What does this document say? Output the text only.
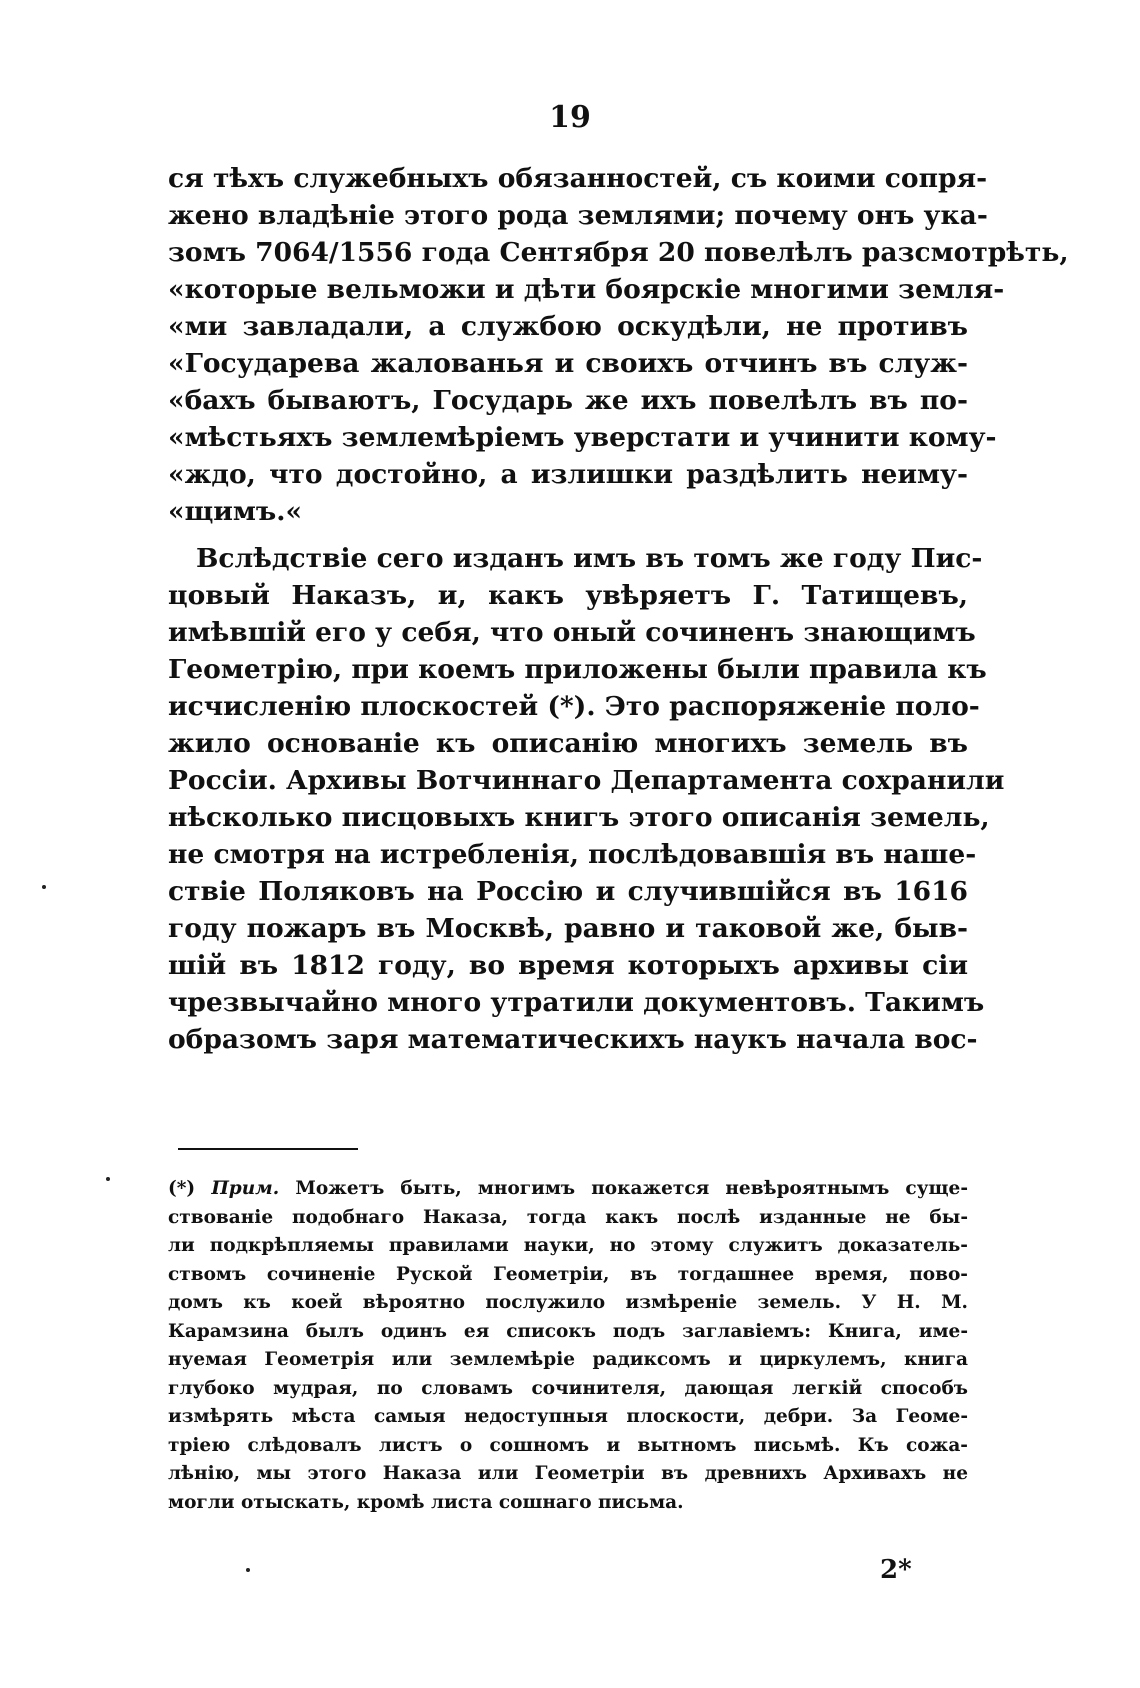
19
ся тѣхъ служебныхъ обязанностей, съ коими сопря-
жено владѣніе этого рода землями; почему онъ ука-
зомъ 7064/1556 года Сентября 20 повелѣлъ разсмотрѣть,
«которые вельможи и дѣти боярскіе многими земля-
«ми завладали, а службою оскудѣли, не противъ
«Государева жалованья и своихъ отчинъ въ служ-
«бахъ бываютъ, Государь же ихъ повелѣлъ въ по-
«мѣстьяхъ землемѣріемъ уверстати и учинити кому-
«ждо, что достойно, а излишки раздѣлить неиму-
«щимъ.«
Вслѣдствіе сего изданъ имъ въ томъ же году Пис-
цовый Наказъ, и, какъ увѣряетъ Г. Татищевъ,
имѣвшій его у себя, что оный сочиненъ знающимъ
Геометрію, при коемъ приложены были правила къ
исчисленію плоскостей (*). Это распоряженіе поло-
жило основаніе къ описанію многихъ земель въ
Россіи. Архивы Вотчиннаго Департамента сохранили
нѣсколько писцовыхъ книгъ этого описанія земель,
не смотря на истребленія, послѣдовавшія въ наше-
ствіе Поляковъ на Россію и случившійся въ 1616
году пожаръ въ Москвѣ, равно и таковой же, быв-
шій въ 1812 году, во время которыхъ архивы сіи
чрезвычайно много утратили документовъ. Такимъ
образомъ заря математическихъ наукъ начала вос-
(*) Прим. Можетъ быть, многимъ покажется невѣроятнымъ суще-
ствованіе подобнаго Наказа, тогда какъ послѣ изданные не бы-
ли подкрѣпляемы правилами науки, но этому служитъ доказатель-
ствомъ сочиненіе Руской Геометріи, въ тогдашнее время, пово-
домъ къ коей вѣроятно послужило измѣреніе земель. У Н. М.
Карамзина былъ одинъ ея списокъ подъ заглавіемъ: Книга, име-
нуемая Геометрія или землемѣріе радиксомъ и циркулемъ, книга
глубоко мудрая, по словамъ сочинителя, дающая легкій способъ
измѣрять мѣста самыя недоступныя плоскости, дебри. За Геоме-
тріею слѣдовалъ листъ о сошномъ и вытномъ письмѣ. Къ сожа-
лѣнію, мы этого Наказа или Геометріи въ древнихъ Архивахъ не
могли отыскать, кромѣ листа сошнаго письма.
2*
